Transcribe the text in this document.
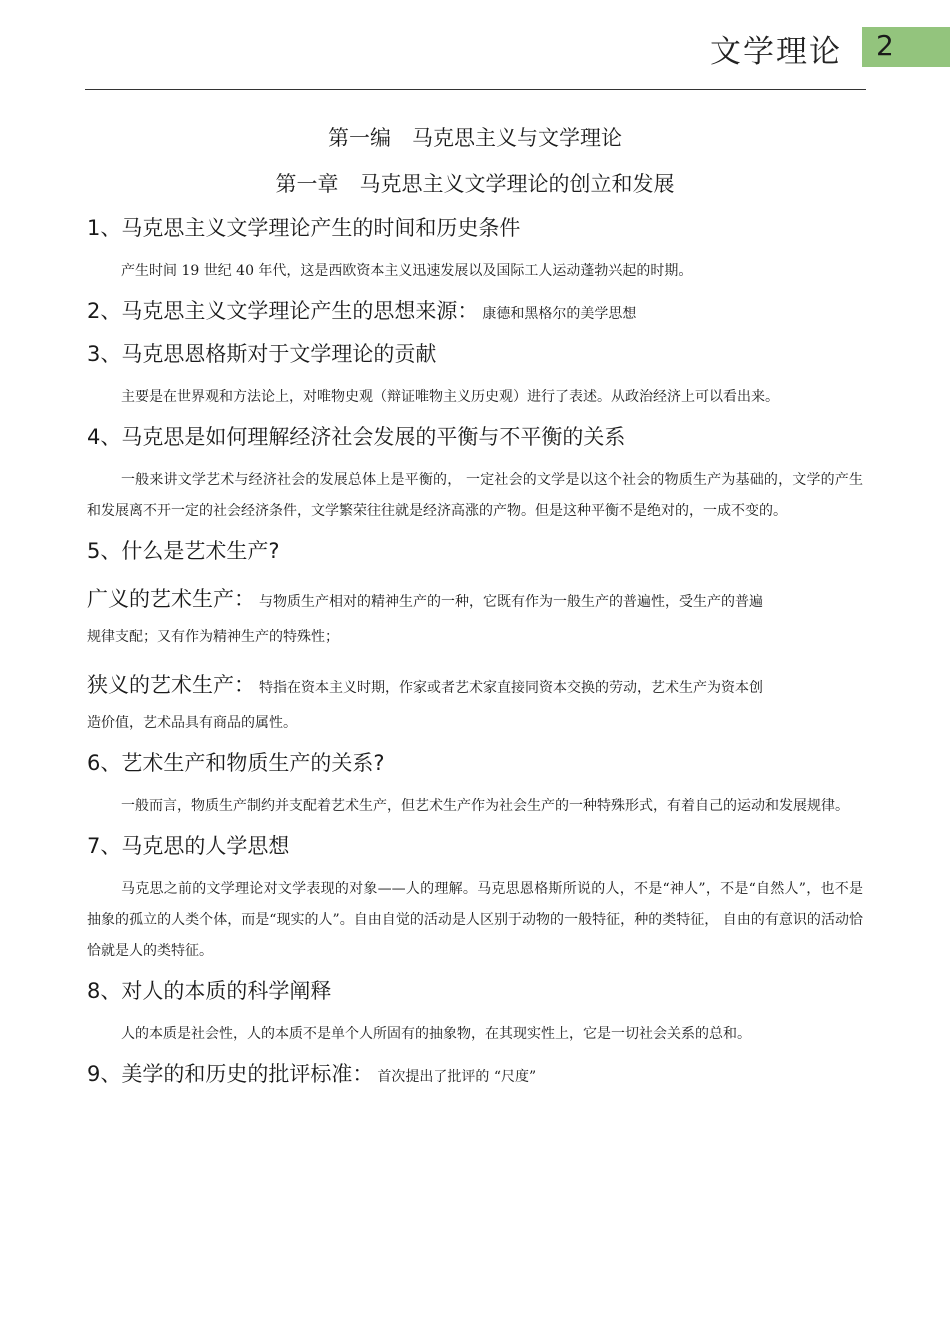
文学理论 2
第一编　马克思主义与文学理论
第一章　马克思主义文学理论的创立和发展
1、马克思主义文学理论产生的时间和历史条件
产生时间 19 世纪 40 年代，这是西欧资本主义迅速发展以及国际工人运动蓬勃兴起的时期。
2、马克思主义文学理论产生的思想来源： 康德和黑格尔的美学思想
3、马克思恩格斯对于文学理论的贡献
主要是在世界观和方法论上，对唯物史观（辩证唯物主义历史观）进行了表述。从政治经济上可以看出来。
4、马克思是如何理解经济社会发展的平衡与不平衡的关系
一般来讲文学艺术与经济社会的发展总体上是平衡的， 一定社会的文学是以这个社会的物质生产为基础的，文学的产生和发展离不开一定的社会经济条件，文学繁荣往往就是经济高涨的产物。但是这种平衡不是绝对的，一成不变的。
5、什么是艺术生产?
广义的艺术生产： 与物质生产相对的精神生产的一种，它既有作为一般生产的普遍性，受生产的普遍
规律支配；又有作为精神生产的特殊性；
狭义的艺术生产： 特指在资本主义时期，作家或者艺术家直接同资本交换的劳动，艺术生产为资本创
造价值，艺术品具有商品的属性。
6、艺术生产和物质生产的关系?
一般而言，物质生产制约并支配着艺术生产，但艺术生产作为社会生产的一种特殊形式，有着自己的运动和发展规律。
7、马克思的人学思想
马克思之前的文学理论对文学表现的对象——人的理解。马克思恩格斯所说的人，不是“神人”，不是“自然人”，也不是抽象的孤立的人类个体，而是“现实的人”。自由自觉的活动是人区别于动物的一般特征，种的类特征， 自由的有意识的活动恰恰就是人的类特征。
8、对人的本质的科学阐释
人的本质是社会性，人的本质不是单个人所固有的抽象物，在其现实性上，它是一切社会关系的总和。
9、美学的和历史的批评标准： 首次提出了批评的 “尺度”
